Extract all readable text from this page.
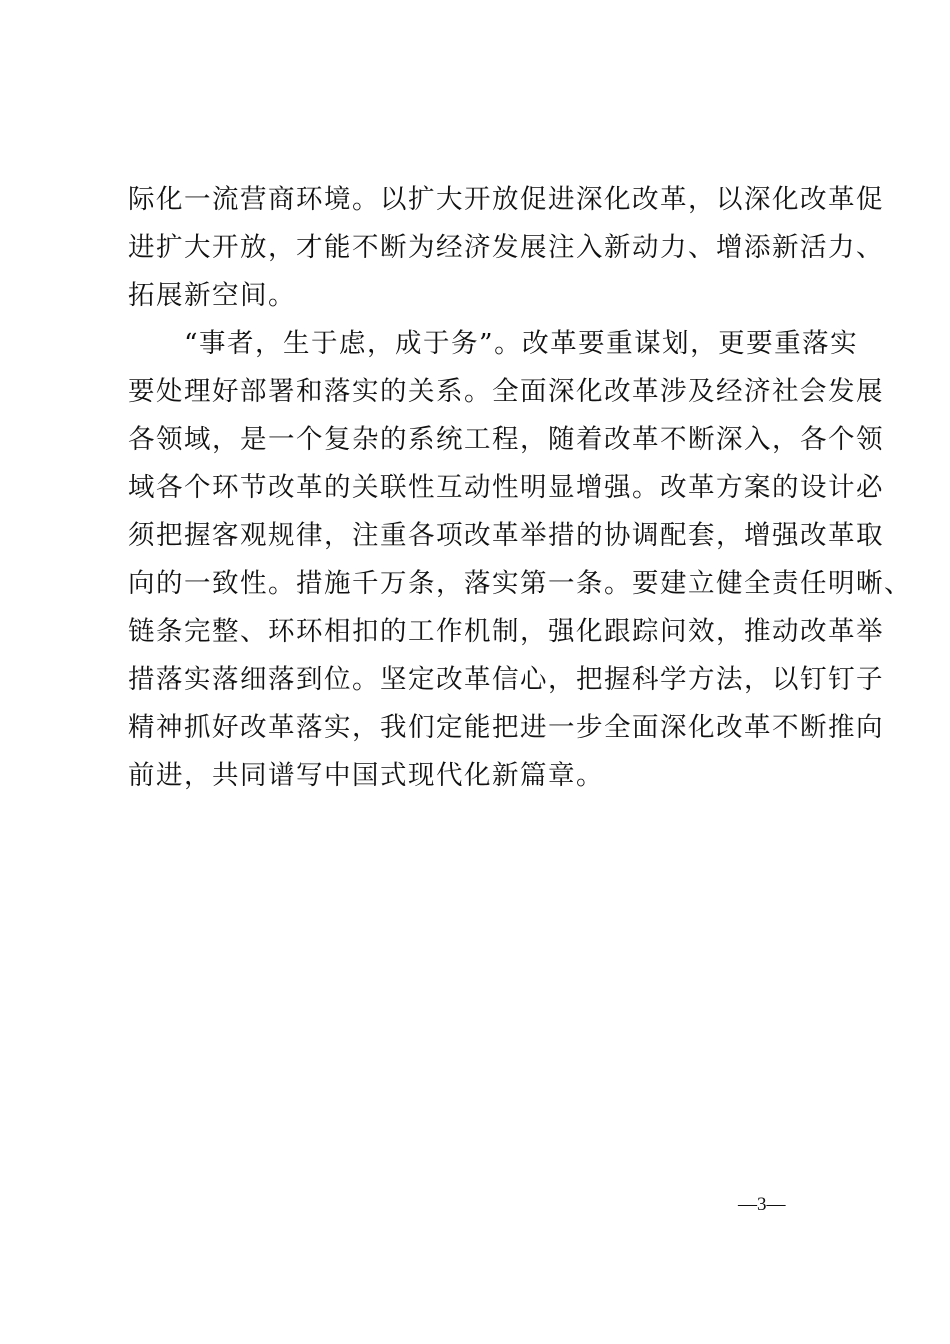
际化一流营商环境。以扩大开放促进深化改革，以深化改革促
进扩大开放，才能不断为经济发展注入新动力、增添新活力、
拓展新空间。
　　“事者，生于虑，成于务”。改革要重谋划，更要重落实
要处理好部署和落实的关系。全面深化改革涉及经济社会发展
各领域，是一个复杂的系统工程，随着改革不断深入，各个领
域各个环节改革的关联性互动性明显增强。改革方案的设计必
须把握客观规律，注重各项改革举措的协调配套，增强改革取
向的一致性。措施千万条，落实第一条。要建立健全责任明晰、
链条完整、环环相扣的工作机制，强化跟踪问效，推动改革举
措落实落细落到位。坚定改革信心，把握科学方法，以钉钉子
精神抓好改革落实，我们定能把进一步全面深化改革不断推向
前进，共同谱写中国式现代化新篇章。
—3—
